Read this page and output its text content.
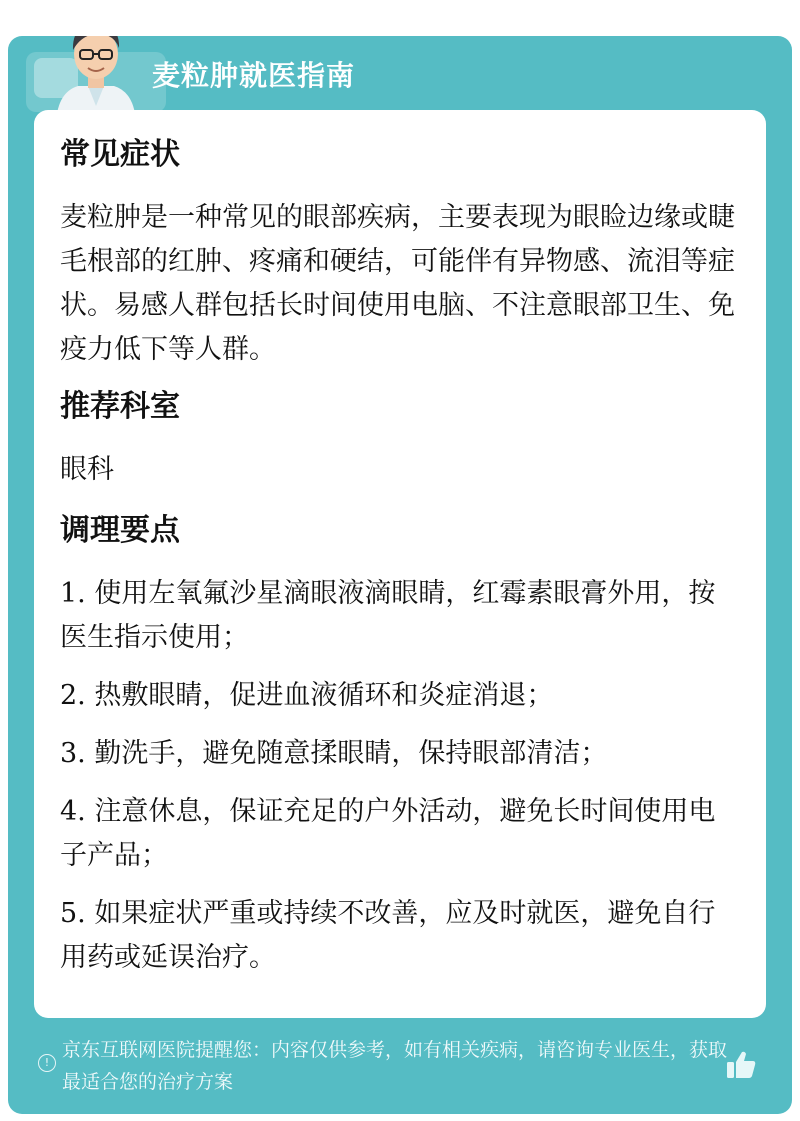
麦粒肿就医指南
常见症状
麦粒肿是一种常见的眼部疾病，主要表现为眼睑边缘或睫毛根部的红肿、疼痛和硬结，可能伴有异物感、流泪等症状。易感人群包括长时间使用电脑、不注意眼部卫生、免疫力低下等人群。
推荐科室
眼科
调理要点
1. 使用左氧氟沙星滴眼液滴眼睛，红霉素眼膏外用，按医生指示使用；
2. 热敷眼睛，促进血液循环和炎症消退；
3. 勤洗手，避免随意揉眼睛，保持眼部清洁；
4. 注意休息，保证充足的户外活动，避免长时间使用电子产品；
5. 如果症状严重或持续不改善，应及时就医，避免自行用药或延误治疗。
!
京东互联网医院提醒您：内容仅供参考，如有相关疾病，请咨询专业医生，获取最适合您的治疗方案
